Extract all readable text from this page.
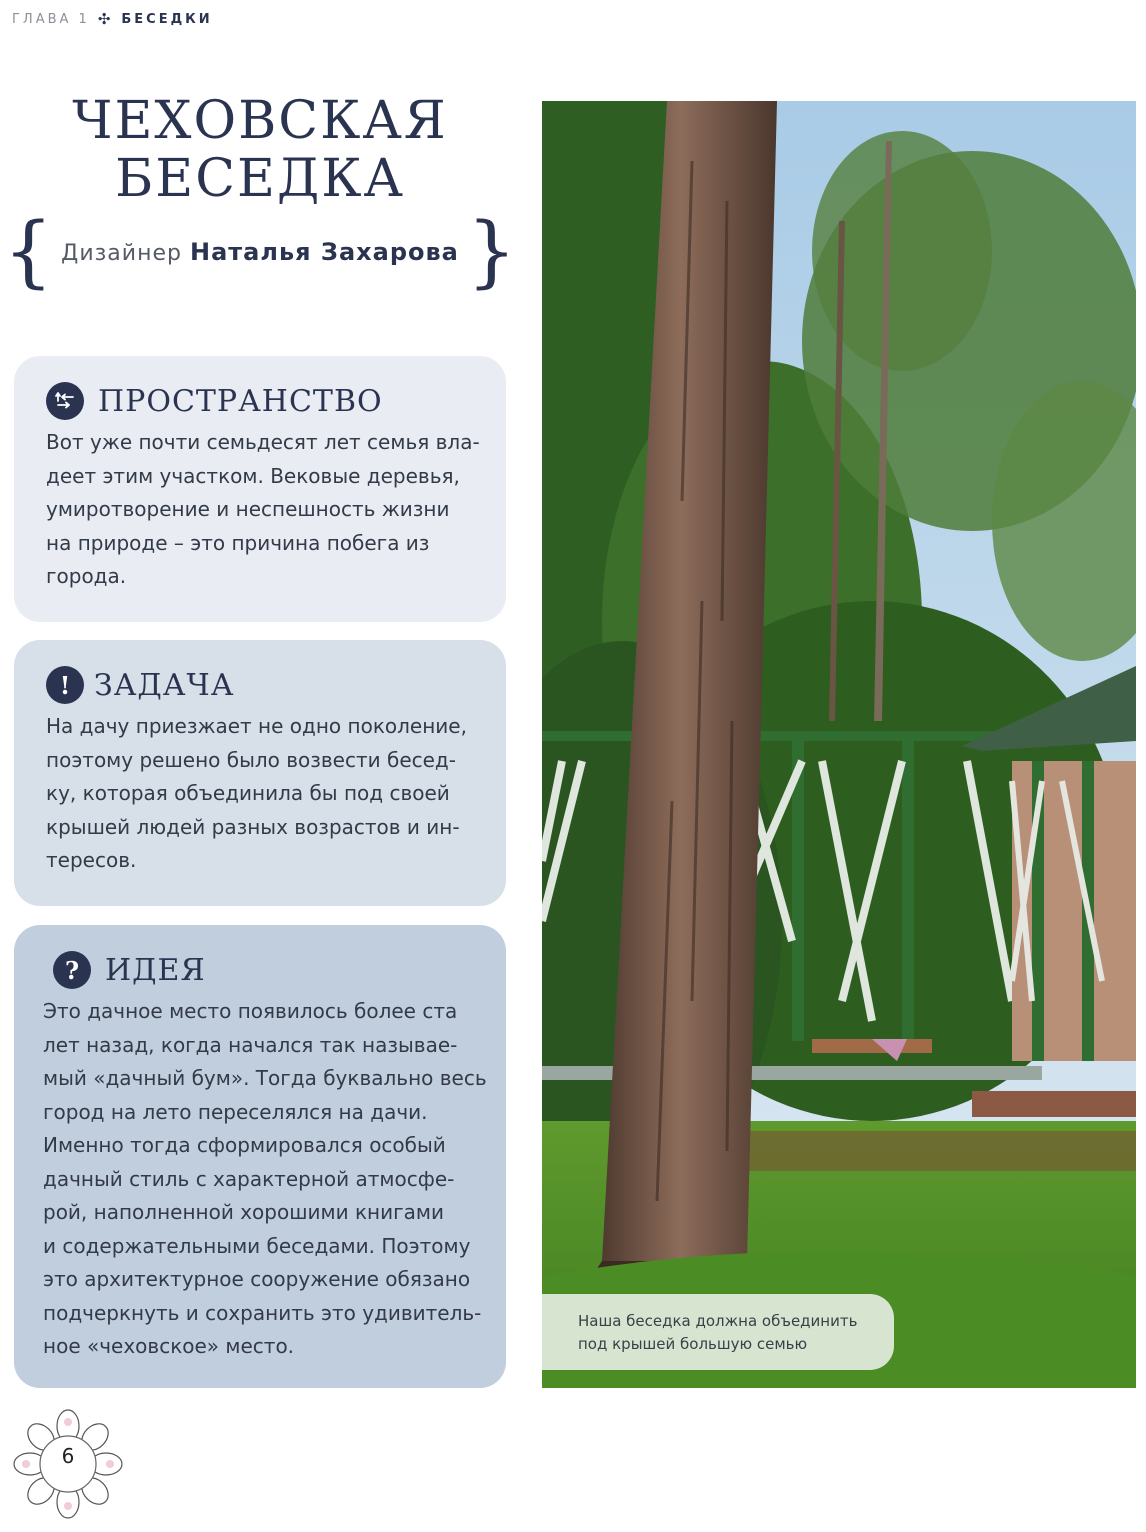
ГЛАВА 1 ✣ БЕСЕДКИ
ЧЕХОВСКАЯ
БЕСЕДКА
{ Дизайнер Наталья Захарова }
ПРОСТРАНСТВО

Вот уже почти семьдесят лет семья вла-
деет этим участком. Вековые деревья,
умиротворение и неспешность жизни
на природе – это причина побега из
города.

! ЗАДАЧА

На дачу приезжает не одно поколение,
поэтому решено было возвести бесед-
ку, которая объединила бы под своей
крышей людей разных возрастов и ин-
тересов.

? ИДЕЯ

Это дачное место появилось более ста
лет назад, когда начался так называе-
мый «дачный бум». Тогда буквально весь
город на лето переселялся на дачи.
Именно тогда сформировался особый
дачный стиль с характерной атмосфе-
рой, наполненной хорошими книгами
и содержательными беседами. Поэтому
это архитектурное сооружение обязано
подчеркнуть и сохранить это удивитель-
ное «чеховское» место.

Наша беседка должна объединить
под крышей большую семью
6
